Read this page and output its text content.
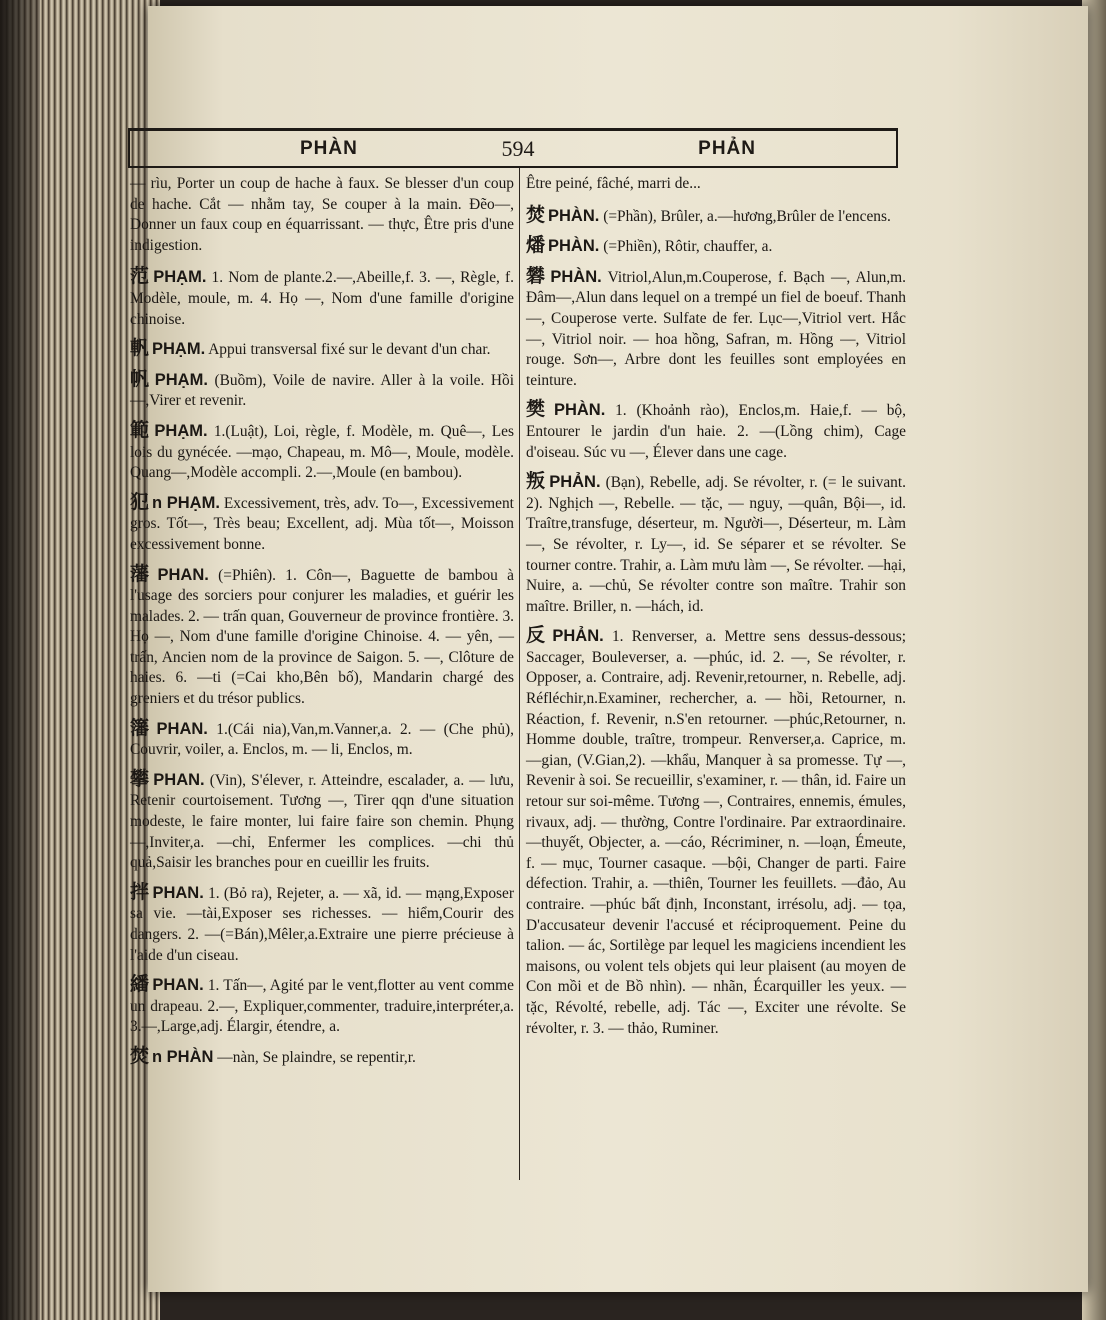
PHÀN	594	PHẢN

— rìu, Porter un coup de hache à faux. Se blesser d'un coup de hache. Cắt — nhằm tay, Se couper à la main. Đẽo—, Donner un faux coup en équarrissant. — thực, Être pris d'une indigestion.

范 PHẠM. 1. Nom de plante.2.—,Abeille,f. 3. —, Règle, f. Modèle, moule, m. 4. Họ —, Nom d'une famille d'origine chinoise.

軓 PHẠM. Appui transversal fixé sur le devant d'un char.

帆 PHẠM. (Buồm), Voile de navire. Aller à la voile. Hồi —,Virer et revenir.

範 PHẠM. 1.(Luật), Loi, règle, f. Modèle, m. Quê—, Les lois du gynécée. —mạo, Chapeau, m. Mô—, Moule, modèle. Quang—,Modèle accompli. 2.—,Moule (en bambou).

犯 n PHẠM. Excessivement, très, adv. To—, Excessivement gros. Tốt—, Très beau; Excellent, adj. Mùa tốt—, Moisson excessivement bonne.

藩 PHAN. (=Phiên). 1. Côn—, Baguette de bambou à l'usage des sorciers pour conjurer les maladies, et guérir les malades. 2. — trấn quan, Gouverneur de province frontière. 3. Họ —, Nom d'une famille d'origine Chinoise. 4. — yên, — trấn, Ancien nom de la province de Saigon. 5. —, Clôture de haies. 6. —ti (=Cai kho,Bên bố), Mandarin chargé des greniers et du trésor publics.

籓 PHAN. 1.(Cái nia),Van,m.Vanner,a. 2. — (Che phủ), Couvrir, voiler, a. Enclos, m. — li, Enclos, m.

攀 PHAN. (Vin), S'élever, r. Atteindre, escalader, a. — lưu, Retenir courtoisement. Tương —, Tirer qqn d'une situation modeste, le faire monter, lui faire faire son chemin. Phụng —,Inviter,a. —chỉ, Enfermer les complices. —chi thủ quả,Saisir les branches pour en cueillir les fruits.

拌 PHAN. 1. (Bỏ ra), Rejeter, a. — xã, id. — mạng,Exposer sa vie. —tài,Exposer ses richesses. — hiểm,Courir des dangers. 2. —(=Bán),Mêler,a.Extraire une pierre précieuse à l'aide d'un ciseau.

繙 PHAN. 1. Tấn—, Agité par le vent,flotter au vent comme un drapeau. 2.—, Expliquer,commenter, traduire,interpréter,a. 3.—,Large,adj. Élargir, étendre, a.

焚 n PHÀN —nàn, Se plaindre, se repentir,r.

Être peiné, fâché, marri de...

焚 PHÀN. (=Phần), Brûler, a.—hương,Brûler de l'encens.

燔 PHÀN. (=Phiền), Rôtir, chauffer, a.

礬 PHÀN. Vitriol,Alun,m.Couperose, f. Bạch —, Alun,m. Đâm—,Alun dans lequel on a trempé un fiel de boeuf. Thanh —, Couperose verte. Sulfate de fer. Lục—,Vitriol vert. Hắc —, Vitriol noir. — hoa hồng, Safran, m. Hồng —, Vitriol rouge. Sơn—, Arbre dont les feuilles sont employées en teinture.

樊 PHÀN. 1. (Khoảnh rào), Enclos,m. Haie,f. — bộ, Entourer le jardin d'un haie. 2. —(Lồng chim), Cage d'oiseau. Súc vu —, Élever dans une cage.

叛 PHẢN. (Bạn), Rebelle, adj. Se révolter, r. (= le suivant. 2). Nghịch —, Rebelle. — tặc, — nguy, —quân, Bội—, id. Traître,transfuge, déserteur, m. Người—, Déserteur, m. Làm —, Se révolter, r. Ly—, id. Se séparer et se révolter. Se tourner contre. Trahir, a. Làm mưu làm —, Se révolter. —hại, Nuire, a. —chủ, Se révolter contre son maître. Trahir son maître. Briller, n. —hách, id.

反 PHẢN. 1. Renverser, a. Mettre sens dessus-dessous; Saccager, Bouleverser, a. —phúc, id. 2. —, Se révolter, r. Opposer, a. Contraire, adj. Revenir,retourner, n. Rebelle, adj. Réfléchir,n.Examiner, rechercher, a. — hồi, Retourner, n. Réaction, f. Revenir, n.S'en retourner. —phúc,Retourner, n. Homme double, traître, trompeur. Renverser,a. Caprice, m. —gian, (V.Gian,2). —khẩu, Manquer à sa promesse. Tự —, Revenir à soi. Se recueillir, s'examiner, r. — thân, id. Faire un retour sur soi-même. Tương —, Contraires, ennemis, émules, rivaux, adj. — thường, Contre l'ordinaire. Par extraordinaire. —thuyết, Objecter, a. —cáo, Récriminer, n. —loạn, Émeute, f. — mục, Tourner casaque. —bội, Changer de parti. Faire défection. Trahir, a. —thiên, Tourner les feuillets. —đảo, Au contraire. —phúc bất định, Inconstant, irrésolu, adj. — tọa, D'accusateur devenir l'accusé et réciproquement. Peine du talion. — ác, Sortilège par lequel les magiciens incendient les maisons, ou volent tels objets qui leur plaisent (au moyen de Con mồi et de Bồ nhìn). — nhãn, Écarquiller les yeux. — tặc, Révolté, rebelle, adj. Tác —, Exciter une révolte. Se révolter, r. 3. — thảo, Ruminer.
